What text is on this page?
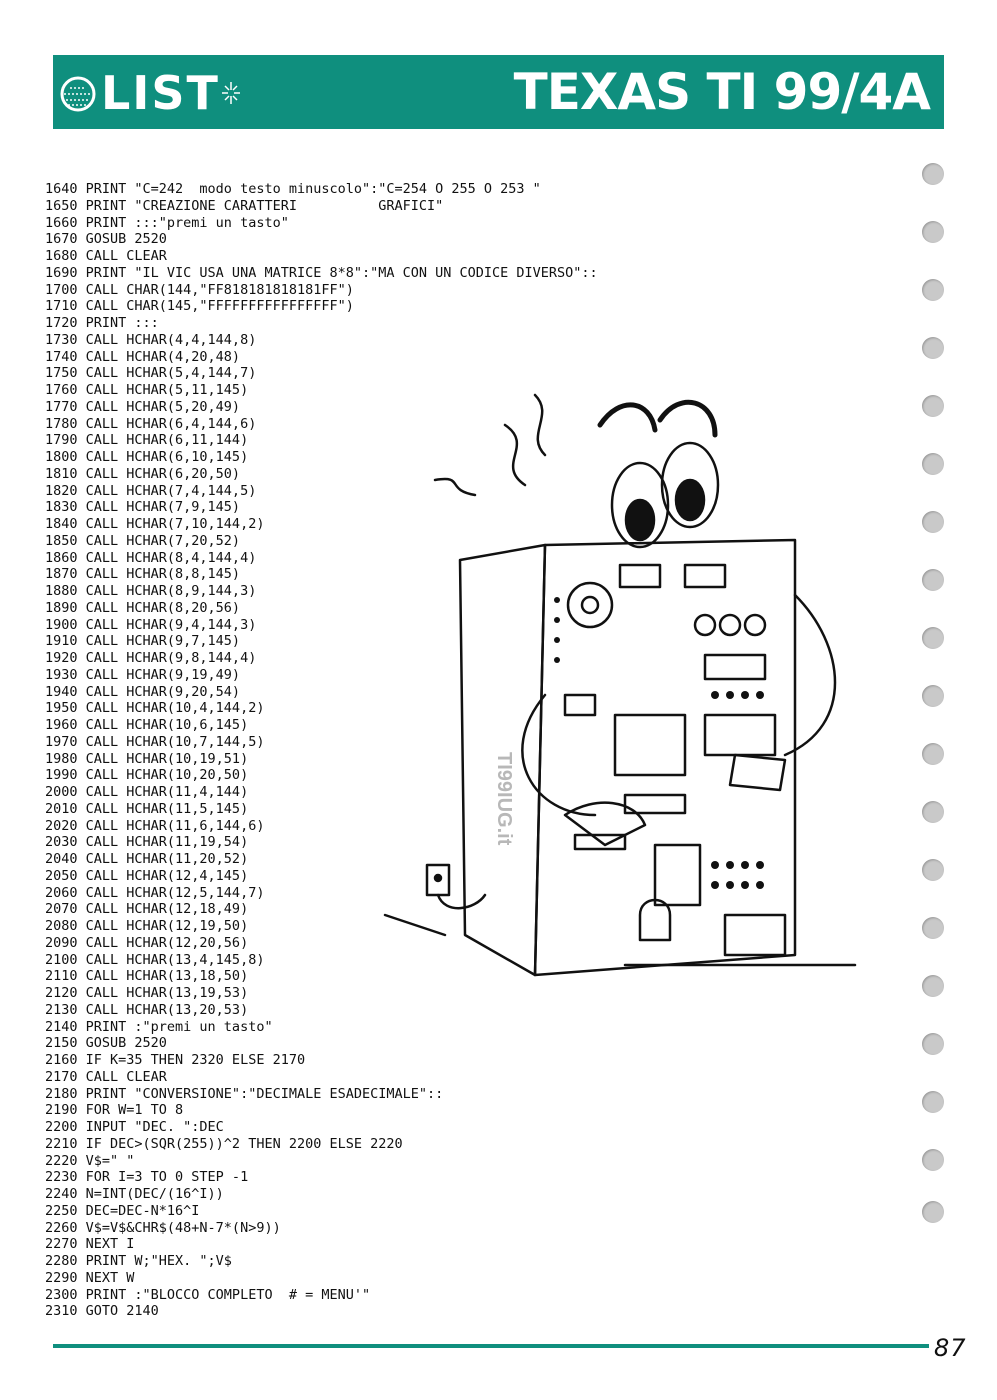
LIST	TEXAS TI 99/4A
1640 PRINT "C=242  modo testo minuscolo":"C=254 O 255 O 253 "
1650 PRINT "CREAZIONE CARATTERI          GRAFICI"
1660 PRINT :::"premi un tasto"
1670 GOSUB 2520
1680 CALL CLEAR
1690 PRINT "IL VIC USA UNA MATRICE 8*8":"MA CON UN CODICE DIVERSO"::
1700 CALL CHAR(144,"FF818181818181FF")
1710 CALL CHAR(145,"FFFFFFFFFFFFFFFF")
1720 PRINT :::
1730 CALL HCHAR(4,4,144,8)
1740 CALL HCHAR(4,20,48)
1750 CALL HCHAR(5,4,144,7)
1760 CALL HCHAR(5,11,145)
1770 CALL HCHAR(5,20,49)
1780 CALL HCHAR(6,4,144,6)
1790 CALL HCHAR(6,11,144)
1800 CALL HCHAR(6,10,145)
1810 CALL HCHAR(6,20,50)
1820 CALL HCHAR(7,4,144,5)
1830 CALL HCHAR(7,9,145)
1840 CALL HCHAR(7,10,144,2)
1850 CALL HCHAR(7,20,52)
1860 CALL HCHAR(8,4,144,4)
1870 CALL HCHAR(8,8,145)
1880 CALL HCHAR(8,9,144,3)
1890 CALL HCHAR(8,20,56)
1900 CALL HCHAR(9,4,144,3)
1910 CALL HCHAR(9,7,145)
1920 CALL HCHAR(9,8,144,4)
1930 CALL HCHAR(9,19,49)
1940 CALL HCHAR(9,20,54)
1950 CALL HCHAR(10,4,144,2)
1960 CALL HCHAR(10,6,145)
1970 CALL HCHAR(10,7,144,5)
1980 CALL HCHAR(10,19,51)
1990 CALL HCHAR(10,20,50)
2000 CALL HCHAR(11,4,144)
2010 CALL HCHAR(11,5,145)
2020 CALL HCHAR(11,6,144,6)
2030 CALL HCHAR(11,19,54)
2040 CALL HCHAR(11,20,52)
2050 CALL HCHAR(12,4,145)
2060 CALL HCHAR(12,5,144,7)
2070 CALL HCHAR(12,18,49)
2080 CALL HCHAR(12,19,50)
2090 CALL HCHAR(12,20,56)
2100 CALL HCHAR(13,4,145,8)
2110 CALL HCHAR(13,18,50)
2120 CALL HCHAR(13,19,53)
2130 CALL HCHAR(13,20,53)
2140 PRINT :"premi un tasto"
2150 GOSUB 2520
2160 IF K=35 THEN 2320 ELSE 2170
2170 CALL CLEAR
2180 PRINT "CONVERSIONE":"DECIMALE ESADECIMALE"::
2190 FOR W=1 TO 8
2200 INPUT "DEC. ":DEC
2210 IF DEC>(SQR(255))^2 THEN 2200 ELSE 2220
2220 V$=" "
2230 FOR I=3 TO 0 STEP -1
2240 N=INT(DEC/(16^I))
2250 DEC=DEC-N*16^I
2260 V$=V$&CHR$(48+N-7*(N>9))
2270 NEXT I
2280 PRINT W;"HEX. ";V$
2290 NEXT W
2300 PRINT :"BLOCCO COMPLETO  # = MENU'"
2310 GOTO 2140
TI99IUG.it
87
